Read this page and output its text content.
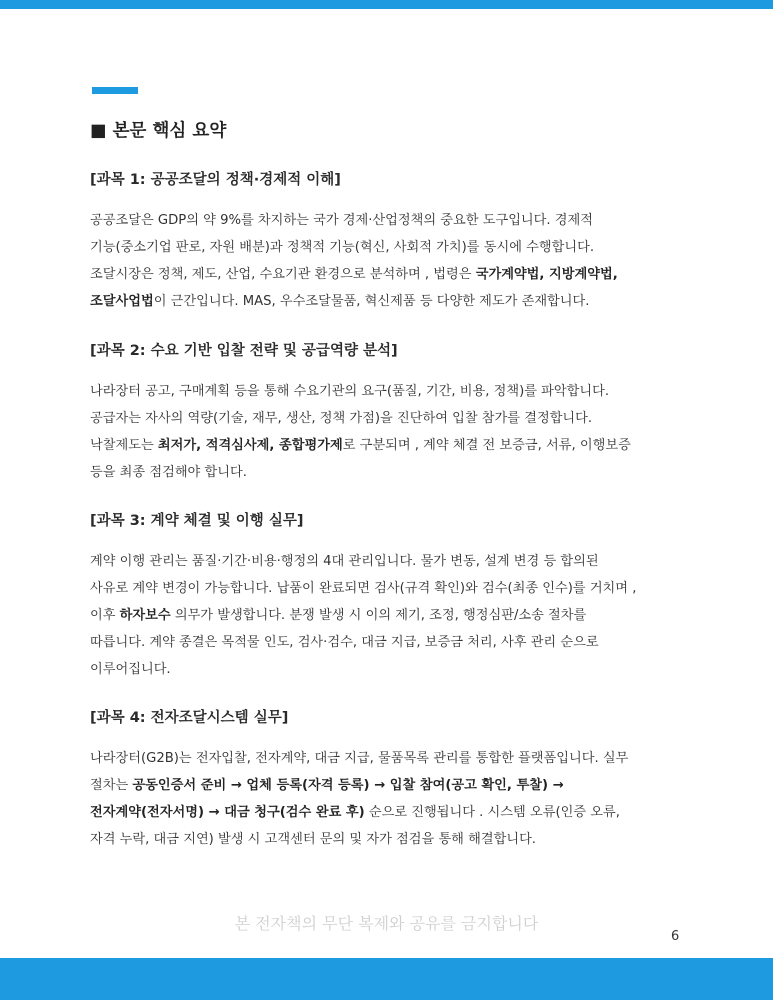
■ 본문 핵심 요약
[과목 1: 공공조달의 정책·경제적 이해]
공공조달은 GDP의 약 9%를 차지하는 국가 경제·산업정책의 중요한 도구입니다. 경제적
기능(중소기업 판로, 자원 배분)과 정책적 기능(혁신, 사회적 가치)를 동시에 수행합니다.
조달시장은 정책, 제도, 산업, 수요기관 환경으로 분석하며 , 법령은 국가계약법, 지방계약법,
조달사업법이 근간입니다. MAS, 우수조달물품, 혁신제품 등 다양한 제도가 존재합니다.
[과목 2: 수요 기반 입찰 전략 및 공급역량 분석]
나라장터 공고, 구매계획 등을 통해 수요기관의 요구(품질, 기간, 비용, 정책)를 파악합니다.
공급자는 자사의 역량(기술, 재무, 생산, 정책 가점)을 진단하여 입찰 참가를 결정합니다.
낙찰제도는 최저가, 적격심사제, 종합평가제로 구분되며 , 계약 체결 전 보증금, 서류, 이행보증
등을 최종 점검해야 합니다.
[과목 3: 계약 체결 및 이행 실무]
계약 이행 관리는 품질·기간·비용·행정의 4대 관리입니다. 물가 변동, 설계 변경 등 합의된
사유로 계약 변경이 가능합니다. 납품이 완료되면 검사(규격 확인)와 검수(최종 인수)를 거치며 ,
이후 하자보수 의무가 발생합니다. 분쟁 발생 시 이의 제기, 조정, 행정심판/소송 절차를
따릅니다. 계약 종결은 목적물 인도, 검사·검수, 대금 지급, 보증금 처리, 사후 관리 순으로
이루어집니다.
[과목 4: 전자조달시스템 실무]
나라장터(G2B)는 전자입찰, 전자계약, 대금 지급, 물품목록 관리를 통합한 플랫폼입니다. 실무
절차는 공동인증서 준비 → 업체 등록(자격 등록) → 입찰 참여(공고 확인, 투찰) →
전자계약(전자서명) → 대금 청구(검수 완료 후) 순으로 진행됩니다 . 시스템 오류(인증 오류,
자격 누락, 대금 지연) 발생 시 고객센터 문의 및 자가 점검을 통해 해결합니다.
본 전자책의 무단 복제와 공유를 금지합니다
6
